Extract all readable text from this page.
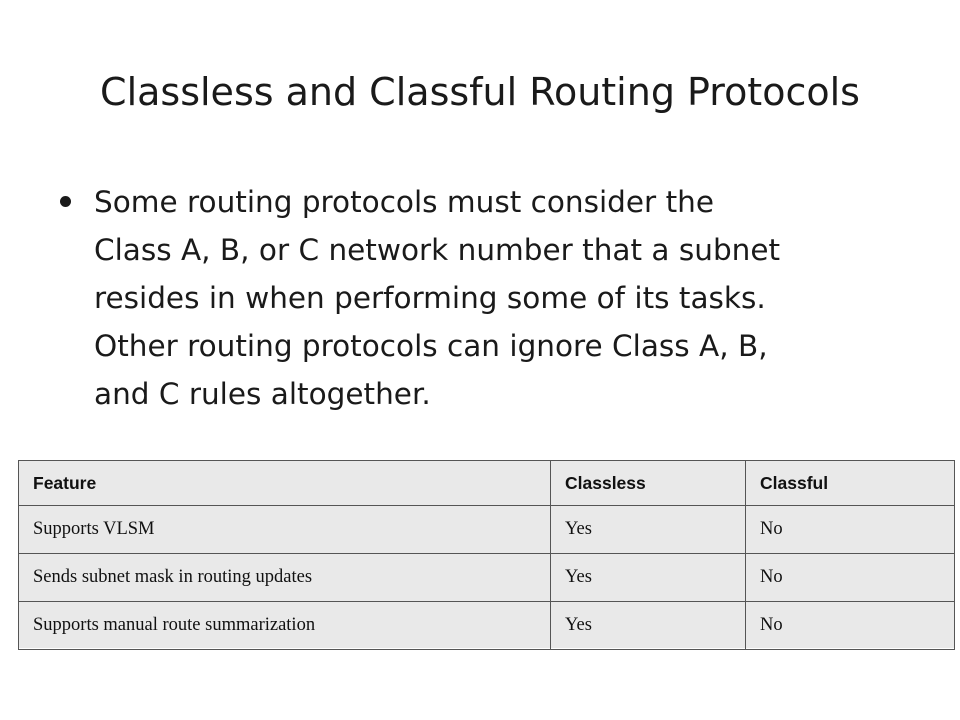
Classless and Classful Routing Protocols
Some routing protocols must consider the
Class A, B, or C network number that a subnet
resides in when performing some of its tasks.
Other routing protocols can ignore Class A, B,
and C rules altogether.
Feature	Classless	Classful
Supports VLSM	Yes	No
Sends subnet mask in routing updates	Yes	No
Supports manual route summarization	Yes	No
